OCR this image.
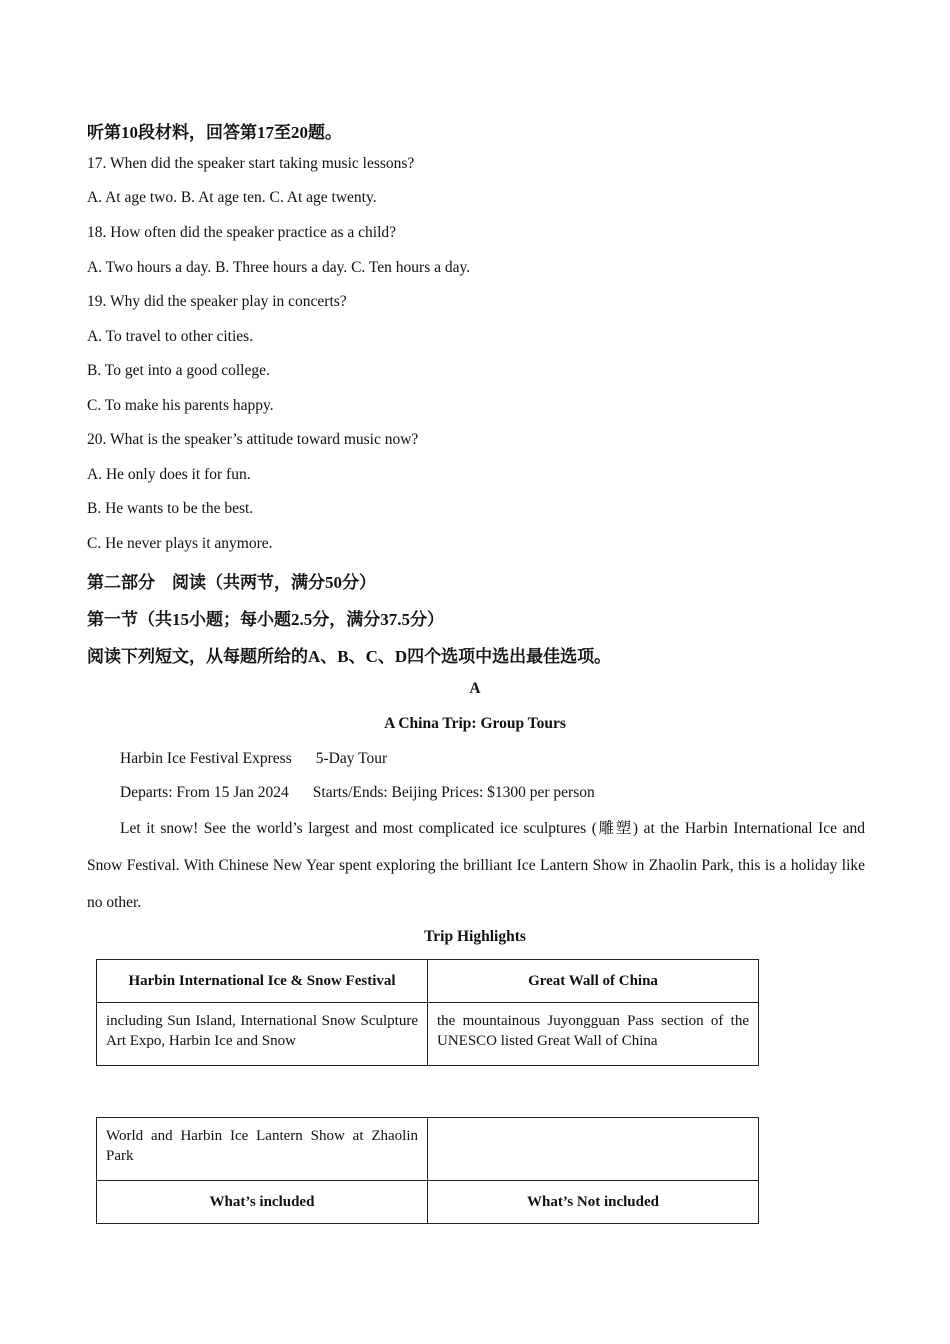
听第10段材料，回答第17至20题。
17. When did the speaker start taking music lessons?
A. At age two. B. At age ten. C. At age twenty.
18. How often did the speaker practice as a child?
A. Two hours a day. B. Three hours a day. C. Ten hours a day.
19. Why did the speaker play in concerts?
A. To travel to other cities.
B. To get into a good college.
C. To make his parents happy.
20. What is the speaker’s attitude toward music now?
A. He only does it for fun.
B. He wants to be the best.
C. He never plays it anymore.
第二部分　阅读（共两节，满分50分）
第一节（共15小题；每小题2.5分，满分37.5分）
阅读下列短文，从每题所给的A、B、C、D四个选项中选出最佳选项。
A
A China Trip: Group Tours
Harbin Ice Festival Express 5-Day Tour
Departs: From 15 Jan 2024 Starts/Ends: Beijing Prices: $1300 per person
Let it snow! See the world’s largest and most complicated ice sculptures (雕塑) at the Harbin International Ice and Snow Festival. With Chinese New Year spent exploring the brilliant Ice Lantern Show in Zhaolin Park, this is a holiday like no other.
Trip Highlights
Harbin International Ice & Snow Festival	Great Wall of China
including Sun Island, International Snow Sculpture Art Expo, Harbin Ice and Snow	the mountainous Juyongguan Pass section of the UNESCO listed Great Wall of China
World and Harbin Ice Lantern Show at Zhaolin Park	
What’s included	What’s Not included
